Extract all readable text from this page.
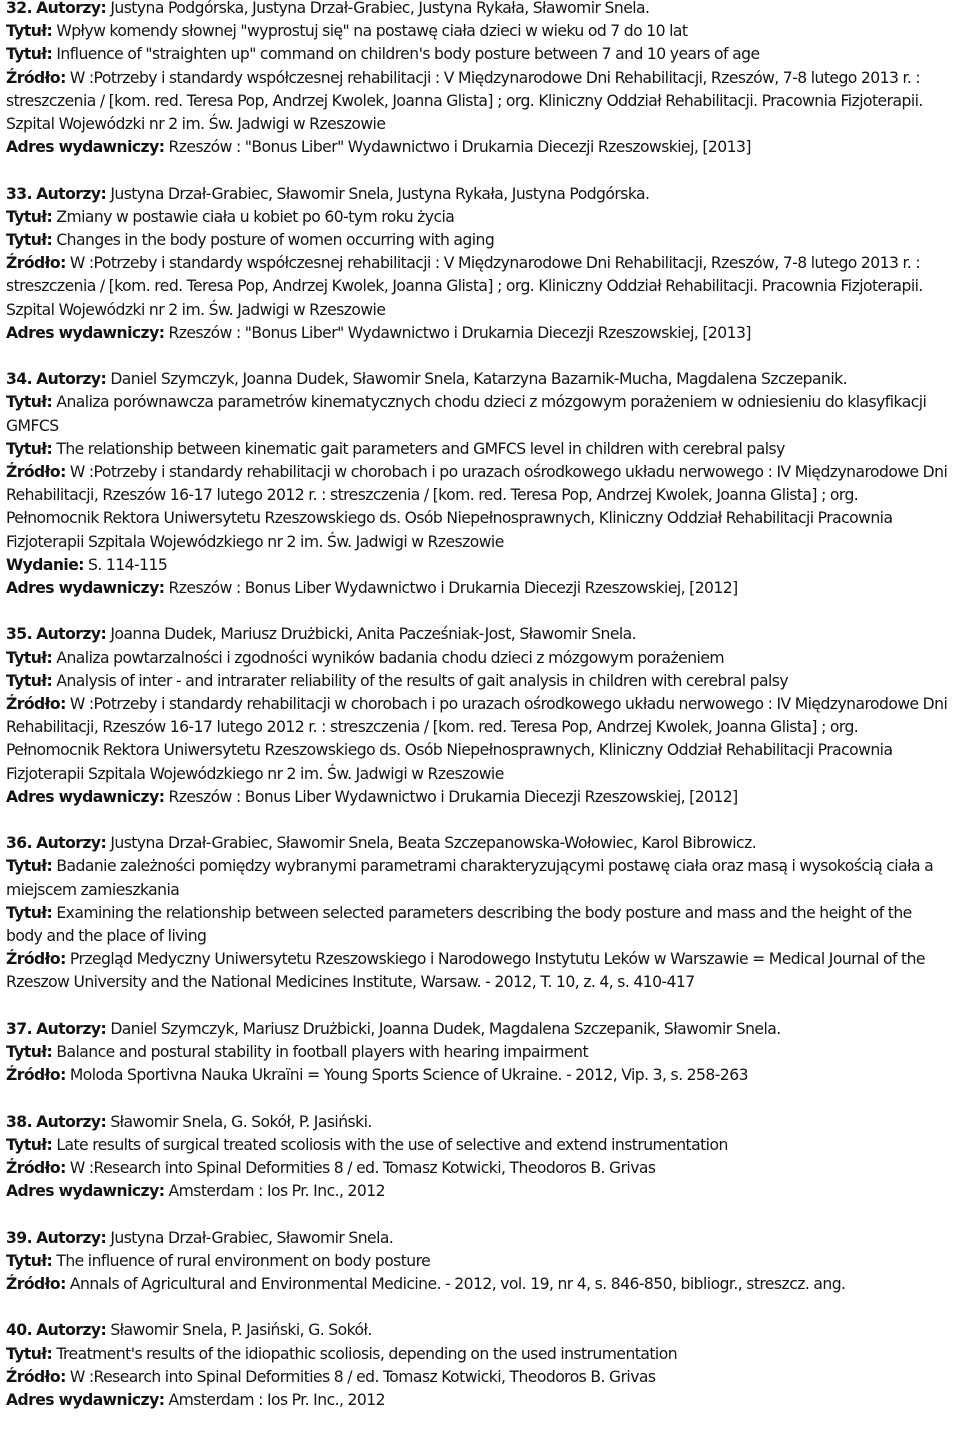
32. Autorzy: Justyna Podgórska, Justyna Drzał-Grabiec, Justyna Rykała, Sławomir Snela.
Tytuł: Wpływ komendy słownej "wyprostuj się" na postawę ciała dzieci w wieku od 7 do 10 lat
Tytuł: Influence of "straighten up" command on children's body posture between 7 and 10 years of age
Źródło: W :Potrzeby i standardy współczesnej rehabilitacji : V Międzynarodowe Dni Rehabilitacji, Rzeszów, 7-8 lutego 2013 r. : streszczenia / [kom. red. Teresa Pop, Andrzej Kwolek, Joanna Glista] ; org. Kliniczny Oddział Rehabilitacji. Pracownia Fizjoterapii. Szpital Wojewódzki nr 2 im. Św. Jadwigi w Rzeszowie
Adres wydawniczy: Rzeszów : "Bonus Liber" Wydawnictwo i Drukarnia Diecezji Rzeszowskiej, [2013]
33. Autorzy: Justyna Drzał-Grabiec, Sławomir Snela, Justyna Rykała, Justyna Podgórska.
Tytuł: Zmiany w postawie ciała u kobiet po 60-tym roku życia
Tytuł: Changes in the body posture of women occurring with aging
Źródło: W :Potrzeby i standardy współczesnej rehabilitacji : V Międzynarodowe Dni Rehabilitacji, Rzeszów, 7-8 lutego 2013 r. : streszczenia / [kom. red. Teresa Pop, Andrzej Kwolek, Joanna Glista] ; org. Kliniczny Oddział Rehabilitacji. Pracownia Fizjoterapii. Szpital Wojewódzki nr 2 im. Św. Jadwigi w Rzeszowie
Adres wydawniczy: Rzeszów : "Bonus Liber" Wydawnictwo i Drukarnia Diecezji Rzeszowskiej, [2013]
34. Autorzy: Daniel Szymczyk, Joanna Dudek, Sławomir Snela, Katarzyna Bazarnik-Mucha, Magdalena Szczepanik.
Tytuł: Analiza porównawcza parametrów kinematycznych chodu dzieci z mózgowym porażeniem w odniesieniu do klasyfikacji GMFCS
Tytuł: The relationship between kinematic gait parameters and GMFCS level in children with cerebral palsy
Źródło: W :Potrzeby i standardy rehabilitacji w chorobach i po urazach ośrodkowego układu nerwowego : IV Międzynarodowe Dni Rehabilitacji, Rzeszów 16-17 lutego 2012 r. : streszczenia / [kom. red. Teresa Pop, Andrzej Kwolek, Joanna Glista] ; org. Pełnomocnik Rektora Uniwersytetu Rzeszowskiego ds. Osób Niepełnosprawnych, Kliniczny Oddział Rehabilitacji Pracownia Fizjoterapii Szpitala Wojewódzkiego nr 2 im. Św. Jadwigi w Rzeszowie
Wydanie: S. 114-115
Adres wydawniczy: Rzeszów : Bonus Liber Wydawnictwo i Drukarnia Diecezji Rzeszowskiej, [2012]
35. Autorzy: Joanna Dudek, Mariusz Drużbicki, Anita Pacześniak-Jost, Sławomir Snela.
Tytuł: Analiza powtarzalności i zgodności wyników badania chodu dzieci z mózgowym porażeniem
Tytuł: Analysis of inter - and intrarater reliability of the results of gait analysis in children with cerebral palsy
Źródło: W :Potrzeby i standardy rehabilitacji w chorobach i po urazach ośrodkowego układu nerwowego : IV Międzynarodowe Dni Rehabilitacji, Rzeszów 16-17 lutego 2012 r. : streszczenia / [kom. red. Teresa Pop, Andrzej Kwolek, Joanna Glista] ; org. Pełnomocnik Rektora Uniwersytetu Rzeszowskiego ds. Osób Niepełnosprawnych, Kliniczny Oddział Rehabilitacji Pracownia Fizjoterapii Szpitala Wojewódzkiego nr 2 im. Św. Jadwigi w Rzeszowie
Adres wydawniczy: Rzeszów : Bonus Liber Wydawnictwo i Drukarnia Diecezji Rzeszowskiej, [2012]
36. Autorzy: Justyna Drzał-Grabiec, Sławomir Snela, Beata Szczepanowska-Wołowiec, Karol Bibrowicz.
Tytuł: Badanie zależności pomiędzy wybranymi parametrami charakteryzującymi postawę ciała oraz masą i wysokością ciała a miejscem zamieszkania
Tytuł: Examining the relationship between selected parameters describing the body posture and mass and the height of the body and the place of living
Źródło: Przegląd Medyczny Uniwersytetu Rzeszowskiego i Narodowego Instytutu Leków w Warszawie = Medical Journal of the Rzeszow University and the National Medicines Institute, Warsaw. - 2012, T. 10, z. 4, s. 410-417
37. Autorzy: Daniel Szymczyk, Mariusz Drużbicki, Joanna Dudek, Magdalena Szczepanik, Sławomir Snela.
Tytuł: Balance and postural stability in football players with hearing impairment
Źródło: Moloda Sportivna Nauka Ukraïni = Young Sports Science of Ukraine. - 2012, Vip. 3, s. 258-263
38. Autorzy: Sławomir Snela, G. Sokół, P. Jasiński.
Tytuł: Late results of surgical treated scoliosis with the use of selective and extend instrumentation
Źródło: W :Research into Spinal Deformities 8 / ed. Tomasz Kotwicki, Theodoros B. Grivas
Adres wydawniczy: Amsterdam : Ios Pr. Inc., 2012
39. Autorzy: Justyna Drzał-Grabiec, Sławomir Snela.
Tytuł: The influence of rural environment on body posture
Źródło: Annals of Agricultural and Environmental Medicine. - 2012, vol. 19, nr 4, s. 846-850, bibliogr., streszcz. ang.
40. Autorzy: Sławomir Snela, P. Jasiński, G. Sokół.
Tytuł: Treatment's results of the idiopathic scoliosis, depending on the used instrumentation
Źródło: W :Research into Spinal Deformities 8 / ed. Tomasz Kotwicki, Theodoros B. Grivas
Adres wydawniczy: Amsterdam : Ios Pr. Inc., 2012
